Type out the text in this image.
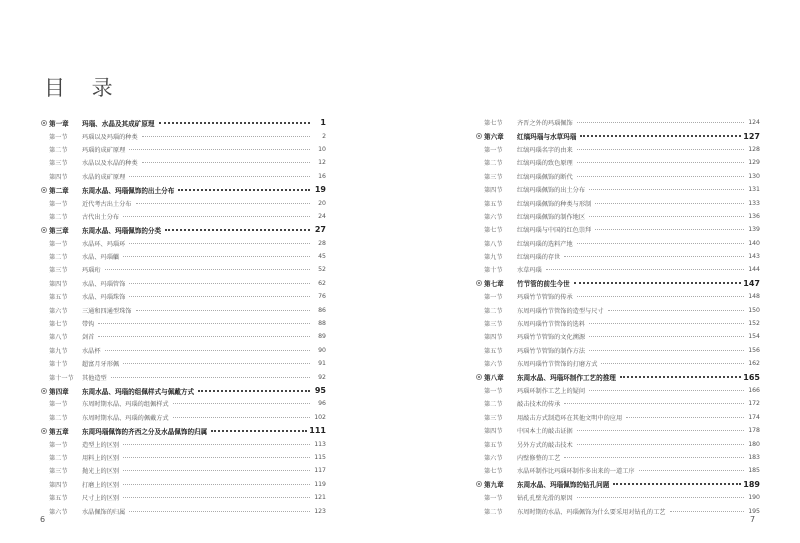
目 录
第一章	玛瑙、水晶及其成矿原理	1
第一节	玛瑙以及玛瑙的种类	2
第二节	玛瑙的成矿原理	10
第三节	水晶以及水晶的种类	12
第四节	水晶的成矿原理	16
第二章	东周水晶、玛瑙佩饰的出土分布	19
第一节	近代考古出土分布	20
第二节	古代出土分布	24
第三章	东周水晶、玛瑙佩饰的分类	27
第一节	水晶环、玛瑙环	28
第二节	水晶、玛瑙觿	45
第三节	玛瑙珩	52
第四节	水晶、玛瑙管饰	62
第五节	水晶、玛瑙珠饰	76
第六节	三通和四通型珠饰	86
第七节	带钩	88
第八节	剑首	89
第九节	水晶杯	90
第十节	超富月牙形佩	91
第十一节	其他造型	92
第四章	东周水晶、玛瑙的组佩样式与佩戴方式	95
第一节	东周时期水晶、玛瑙的组佩样式	96
第二节	东周时期水晶、玛瑙的佩戴方式	102
第五章	东周玛瑙佩饰的齐西之分及水晶佩饰的归属	111
第一节	造型上的区别	113
第二节	用料上的区别	115
第三节	抛光上的区别	117
第四节	打磨上的区别	119
第五节	尺寸上的区别	121
第六节	水晶佩饰的归属	123
第七节	齐晋之外的玛瑙佩饰	124
第六章	红缟玛瑙与水草玛瑙	127
第一节	红缟玛瑙名字的由来	128
第二节	红缟玛瑙的致色原理	129
第三节	红缟玛瑙佩饰的断代	130
第四节	红缟玛瑙佩饰的出土分布	131
第五节	红缟玛瑙佩饰的种类与形制	133
第六节	红缟玛瑙佩饰的制作地区	136
第七节	红缟玛瑙与中国的红色崇拜	139
第八节	红缟玛瑙的选料产地	140
第九节	红缟玛瑙的存世	143
第十节	水草玛瑙	144
第七章	竹节管的前生今世	147
第一节	玛瑙竹节管饰的传承	148
第二节	东周玛瑙竹节管饰的造型与尺寸	150
第三节	东周玛瑙竹节管饰的选料	152
第四节	玛瑙竹节管饰的文化溯源	154
第五节	玛瑙竹节管饰的制作方法	156
第六节	东周玛瑙竹节管饰的打磨方式	162
第八章	东周水晶、玛瑙环制作工艺的推理	165
第一节	玛瑙环制作工艺上的疑问	166
第二节	敲击技术的传承	172
第三节	用敲击方式制造环在其他文明中的应用	174
第四节	中国本土的敲击证据	178
第五节	另外方式的敲击技术	180
第六节	内壁修整的工艺	183
第七节	水晶环制作比玛瑙环制作多出来的一道工序	185
第九章	东周水晶、玛瑙佩饰的钻孔问题	189
第一节	钻孔孔壁光滑的原因	190
第二节	东周时期的水晶、玛瑙佩饰为什么要采用对钻孔的工艺	195
6	7
